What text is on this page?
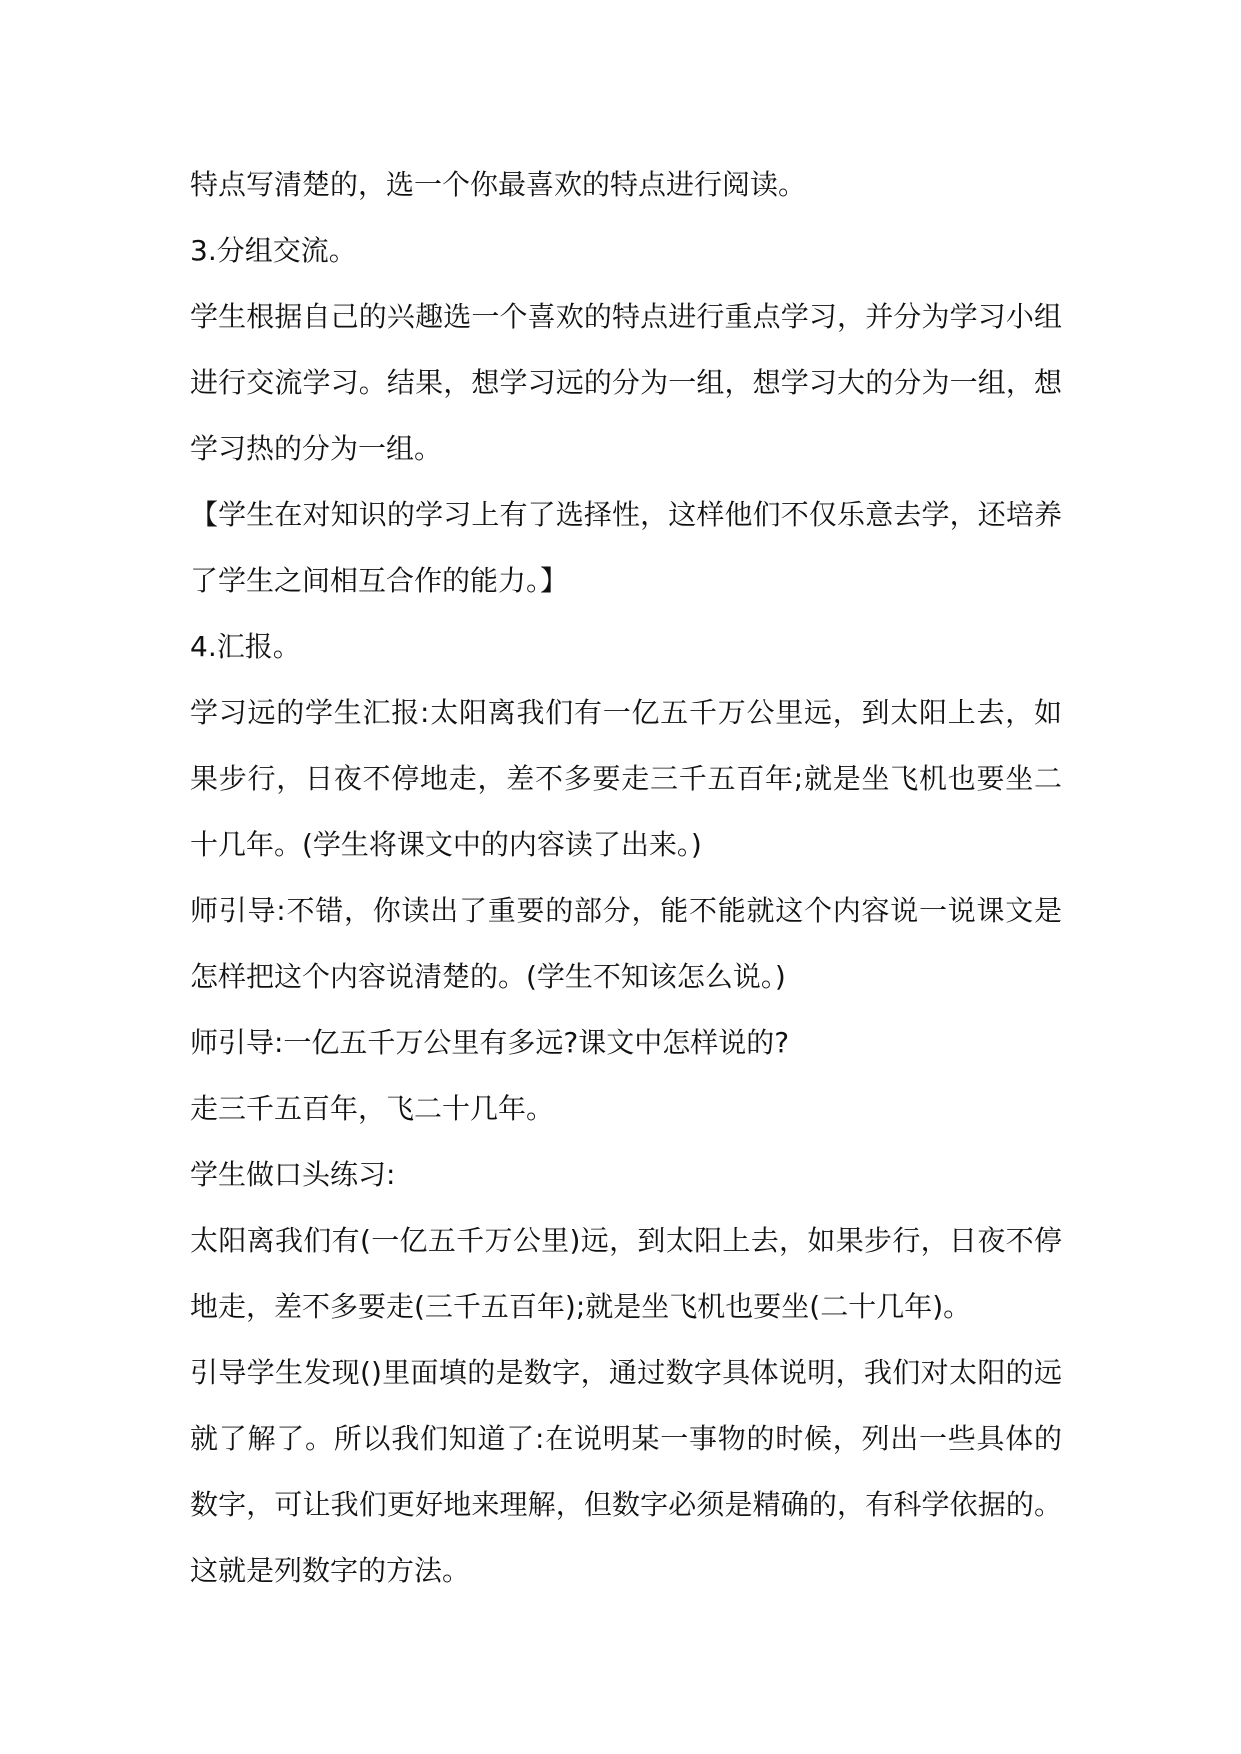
特点写清楚的，选一个你最喜欢的特点进行阅读。

3.分组交流。

学生根据自己的兴趣选一个喜欢的特点进行重点学习，并分为学习小组进行交流学习。结果，想学习远的分为一组，想学习大的分为一组，想学习热的分为一组。

【学生在对知识的学习上有了选择性，这样他们不仅乐意去学，还培养了学生之间相互合作的能力。】

4.汇报。

学习远的学生汇报:太阳离我们有一亿五千万公里远，到太阳上去，如果步行，日夜不停地走，差不多要走三千五百年;就是坐飞机也要坐二十几年。(学生将课文中的内容读了出来。)

师引导:不错，你读出了重要的部分，能不能就这个内容说一说课文是怎样把这个内容说清楚的。(学生不知该怎么说。)

师引导:一亿五千万公里有多远?课文中怎样说的?

走三千五百年，飞二十几年。

学生做口头练习:

太阳离我们有(一亿五千万公里)远，到太阳上去，如果步行，日夜不停地走，差不多要走(三千五百年);就是坐飞机也要坐(二十几年)。

引导学生发现()里面填的是数字，通过数字具体说明，我们对太阳的远就了解了。所以我们知道了:在说明某一事物的时候，列出一些具体的数字，可让我们更好地来理解，但数字必须是精确的，有科学依据的。这就是列数字的方法。
